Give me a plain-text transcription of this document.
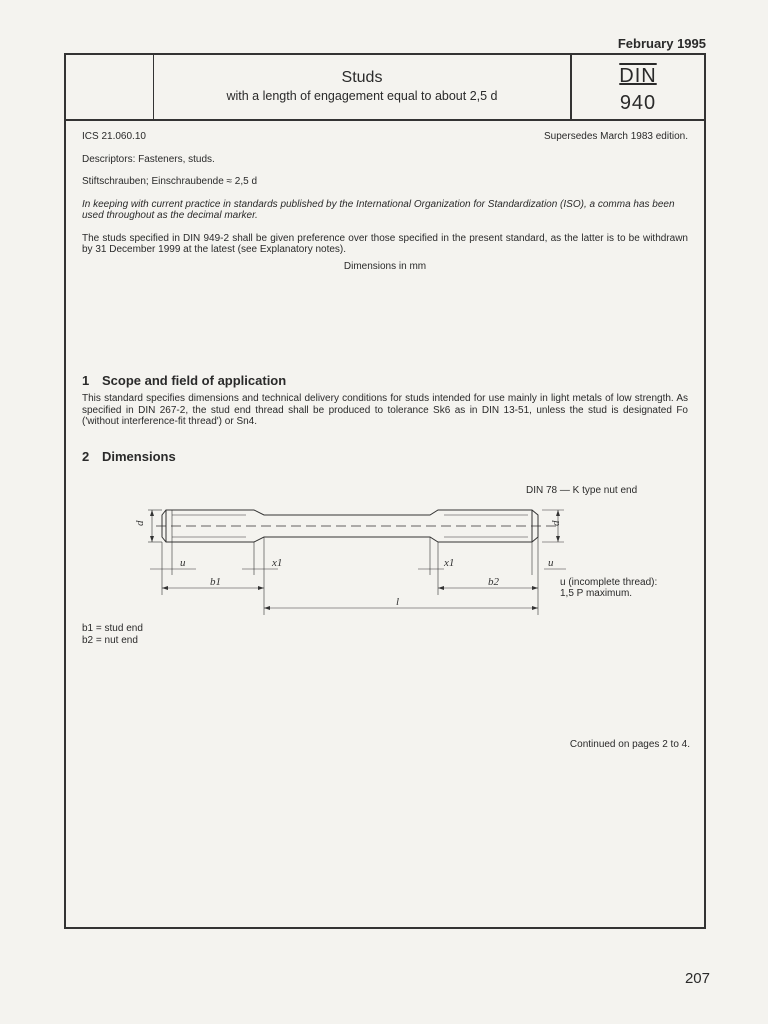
February 1995
Studs
with a length of engagement equal to about 2,5 d
DIN
940
ICS 21.060.10	Supersedes March 1983 edition.

Descriptors: Fasteners, studs.

Stiftschrauben; Einschraubende ≈ 2,5 d

In keeping with current practice in standards published by the International Organization for Standardization (ISO), a comma has been used throughout as the decimal marker.

The studs specified in DIN 949-2 shall be given preference over those specified in the present standard, as the latter is to be withdrawn by 31 December 1999 at the latest (see Explanatory notes).

Dimensions in mm
1 Scope and field of application

This standard specifies dimensions and technical delivery conditions for studs intended for use mainly in light metals of low strength. As specified in DIN 267-2, the stud end thread shall be produced to tolerance Sk6 as in DIN 13-51, unless the stud is designated Fo ('without interference-fit thread') or Sn4.

2 Dimensions
DIN 78 — K type nut end
d	d
u	u
x1	x1
b1	b2
l
u (incomplete thread):
1,5 P maximum.
b1 = stud end
b2 = nut end
Continued on pages 2 to 4.
207
